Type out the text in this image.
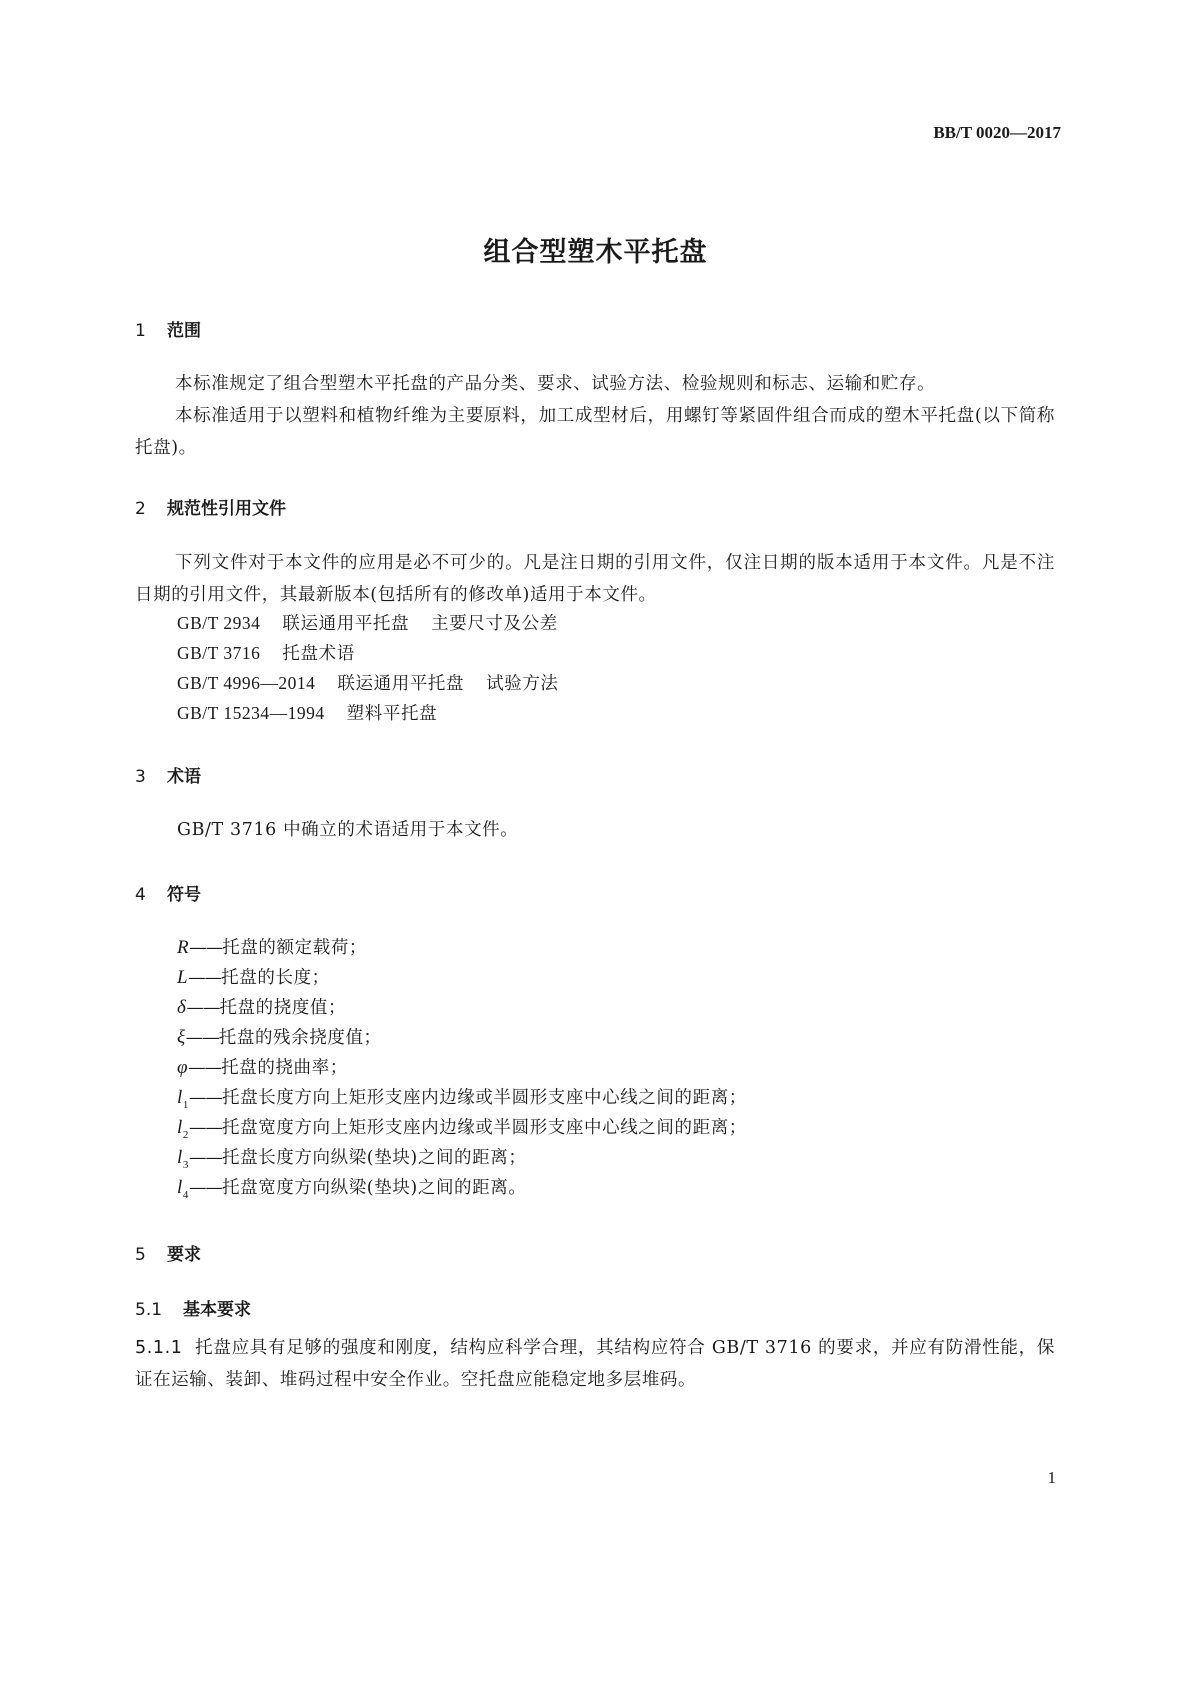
BB/T 0020—2017
组合型塑木平托盘
1 范围
本标准规定了组合型塑木平托盘的产品分类、要求、试验方法、检验规则和标志、运输和贮存。
本标准适用于以塑料和植物纤维为主要原料，加工成型材后，用螺钉等紧固件组合而成的塑木平托盘(以下简称托盘)。
2 规范性引用文件
下列文件对于本文件的应用是必不可少的。凡是注日期的引用文件，仅注日期的版本适用于本文件。凡是不注日期的引用文件，其最新版本(包括所有的修改单)适用于本文件。
GB/T 2934 联运通用平托盘 主要尺寸及公差
GB/T 3716 托盘术语
GB/T 4996—2014 联运通用平托盘 试验方法
GB/T 15234—1994 塑料平托盘
3 术语
GB/T 3716 中确立的术语适用于本文件。
4 符号
R——托盘的额定载荷；
L——托盘的长度；
δ——托盘的挠度值；
ξ——托盘的残余挠度值；
φ——托盘的挠曲率；
$l_1——$托盘长度方向上矩形支座内边缘或半圆形支座中心线之间的距离；
$l_2——$托盘宽度方向上矩形支座内边缘或半圆形支座中心线之间的距离；
$l_3——$托盘长度方向纵梁(垫块)之间的距离；
$l_4——$托盘宽度方向纵梁(垫块)之间的距离。
5 要求
5.1 基本要求
5.1.1 托盘应具有足够的强度和刚度，结构应科学合理，其结构应符合 GB/T 3716 的要求，并应有防滑性能，保证在运输、装卸、堆码过程中安全作业。空托盘应能稳定地多层堆码。
1
